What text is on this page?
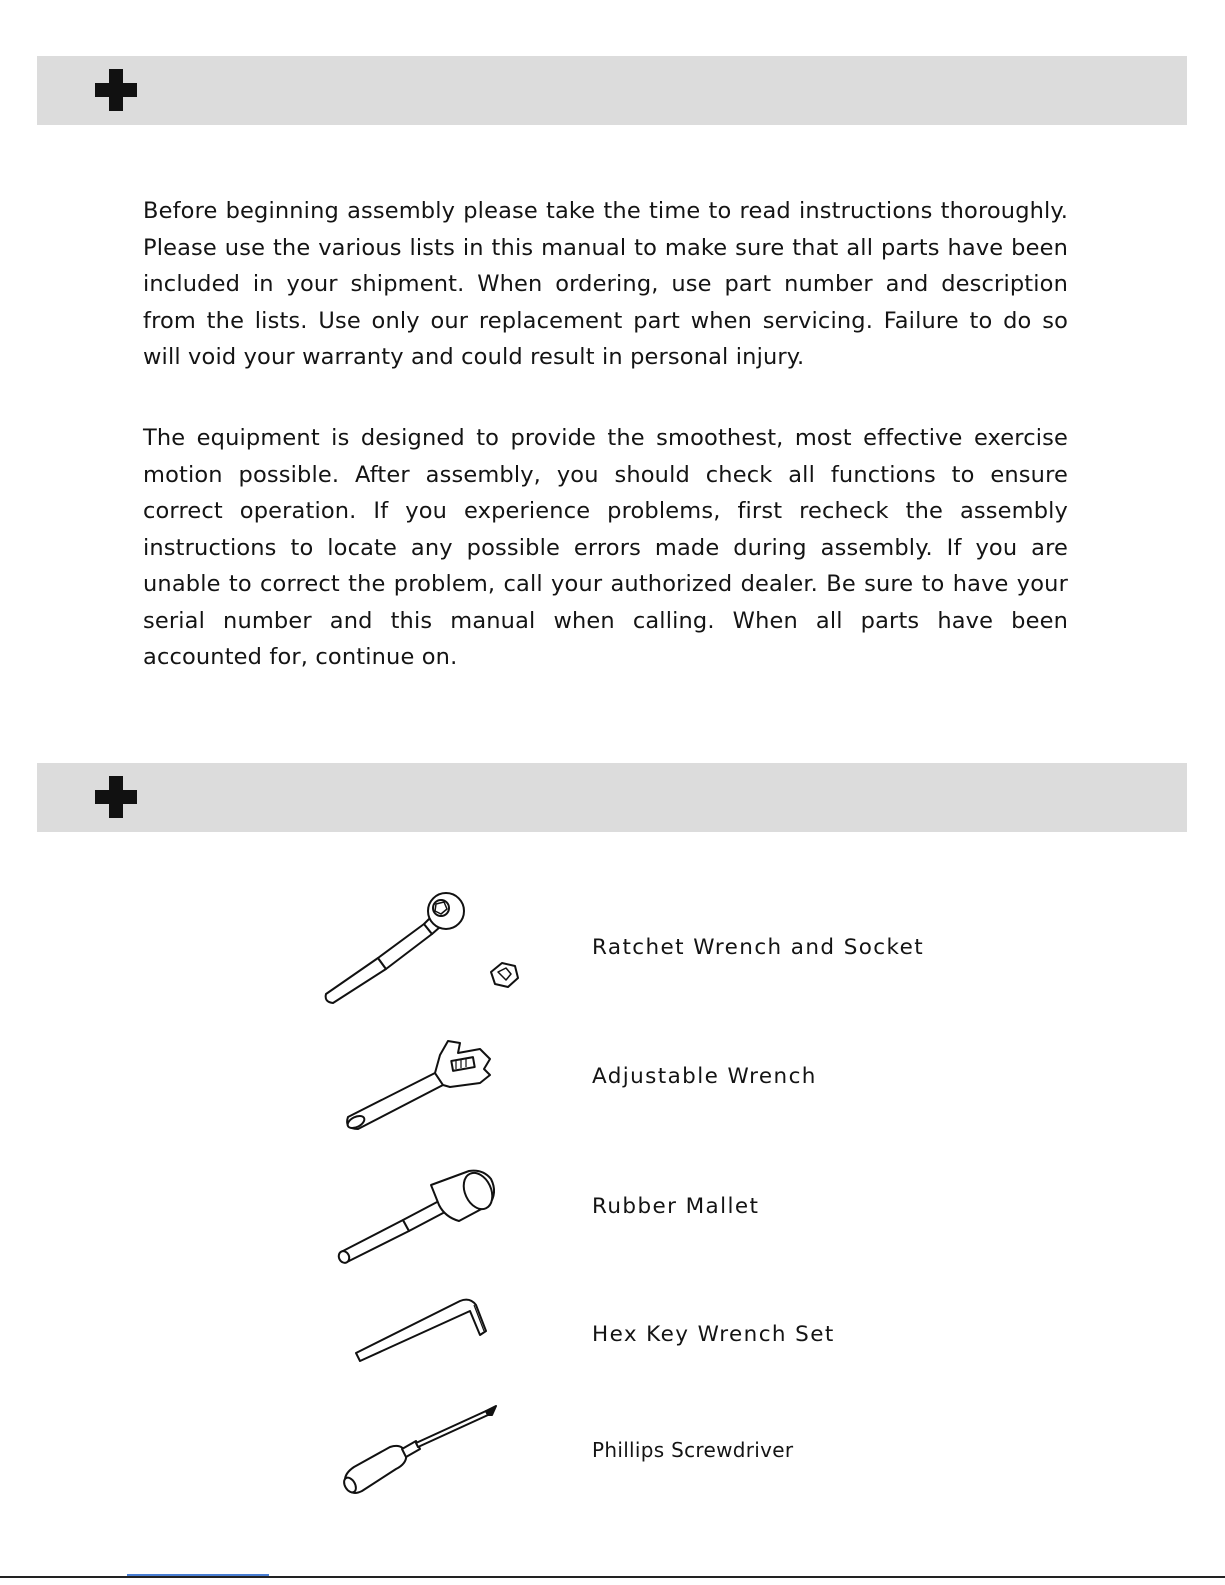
Before beginning assembly please take the time to read instructions thoroughly. Please use the various lists in this manual to make sure that all parts have been included in your shipment. When ordering, use part number and description from the lists. Use only our replacement part when servicing. Failure to do so will void your warranty and could result in personal injury.

The equipment is designed to provide the smoothest, most effective exercise motion possible. After assembly, you should check all functions to ensure correct operation. If you experience problems, first recheck the assembly instructions to locate any possible errors made during assembly. If you are unable to correct the problem, call your authorized dealer. Be sure to have your serial number and this manual when calling. When all parts have been accounted for, continue on.

Ratchet Wrench and Socket
Adjustable Wrench
Rubber Mallet
Hex Key Wrench Set
Phillips Screwdriver
